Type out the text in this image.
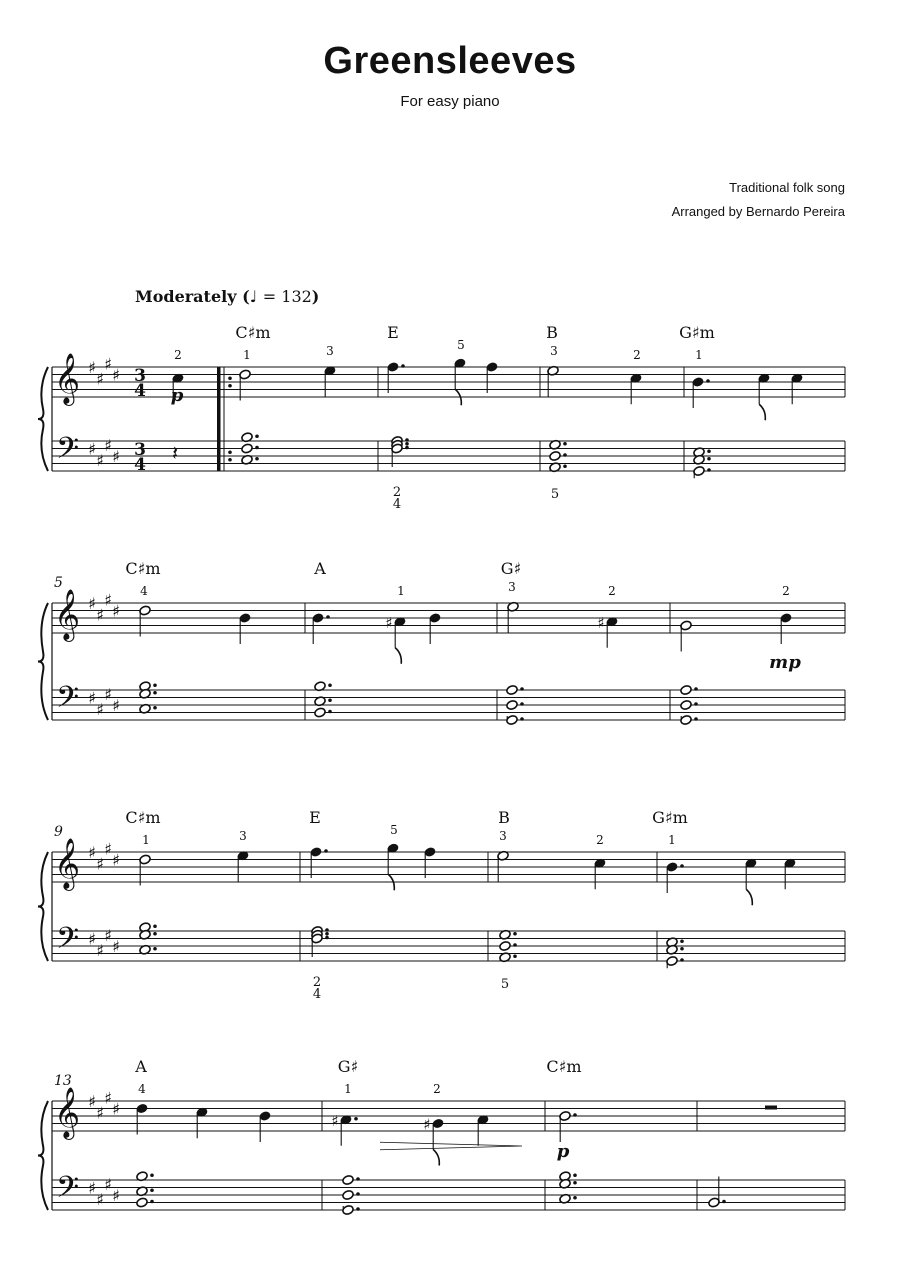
Greensleeves
For easy piano
Traditional folk song
Arranged by Bernardo Pereira
Moderately (♩ = 132)
𝄞
𝄢
♯
♯
♯
♯
♯
♯
♯
♯
3
4
3
4
C♯m	E	B	G♯m
2	1	3	5	3	2	1
2
4
5
p
𝄞
𝄢
♯
♯
♯
♯
♯
♯
♯
♯
5
C♯m	A	G♯
4	1	3	2	2
mp
𝄞
𝄢
♯
♯
♯
♯
♯
♯
♯
♯
9
C♯m	E	B	G♯m
1	3	5	3	2	1
2
4
5
𝄞
𝄢
♯
♯
♯
♯
♯
♯
♯
♯
13
A	G♯	C♯m
4	1	2
p
𝄽
♯	♯
♯	♯
